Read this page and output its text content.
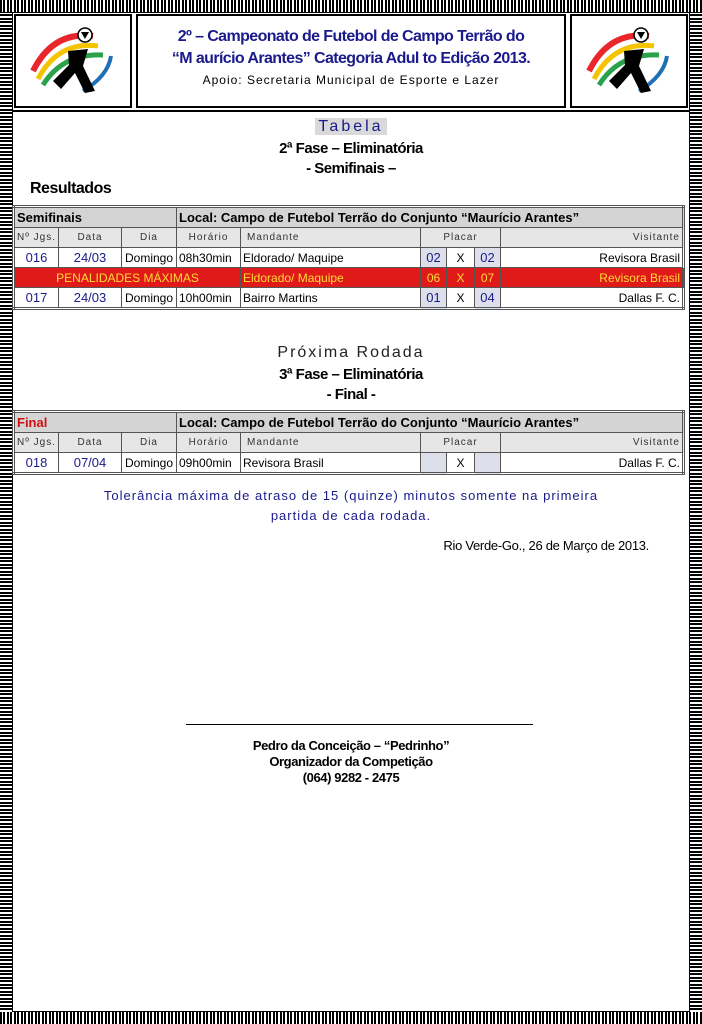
2º – Campeonato de Futebol de Campo Terrão do
“M aurício Arantes” Categoria Adul to Edição 2013.
Apoio: Secretaria Municipal de Esporte e Lazer
Tabela
2ª Fase – Eliminatória
- Semifinais –
Resultados
Semifinais			Local: Campo de Futebol Terrão do Conjunto “Maurício Arantes”					
Nº Jgs.	Data	Dia	Horário	Mandante	Placar			Visitante
016	24/03	Domingo	08h30min	Eldorado/ Maquipe	02	X	02	Revisora Brasil
PENALIDADES MÁXIMAS				Eldorado/ Maquipe	06	X	07	Revisora Brasil
017	24/03	Domingo	10h00min	Bairro Martins	01	X	04	Dallas F. C.
Próxima Rodada
3ª Fase – Eliminatória
- Final -
Final			Local: Campo de Futebol Terrão do Conjunto “Maurício Arantes”					
Nº Jgs.	Data	Dia	Horário	Mandante	Placar			Visitante
018	07/04	Domingo	09h00min	Revisora Brasil		X		Dallas F. C.
Tolerância máxima de atraso de 15 (quinze) minutos somente na primeira
partida de cada rodada.
Rio Verde-Go., 26 de Março de 2013.
Pedro da Conceição – “Pedrinho”
Organizador da Competição
(064) 9282 - 2475
